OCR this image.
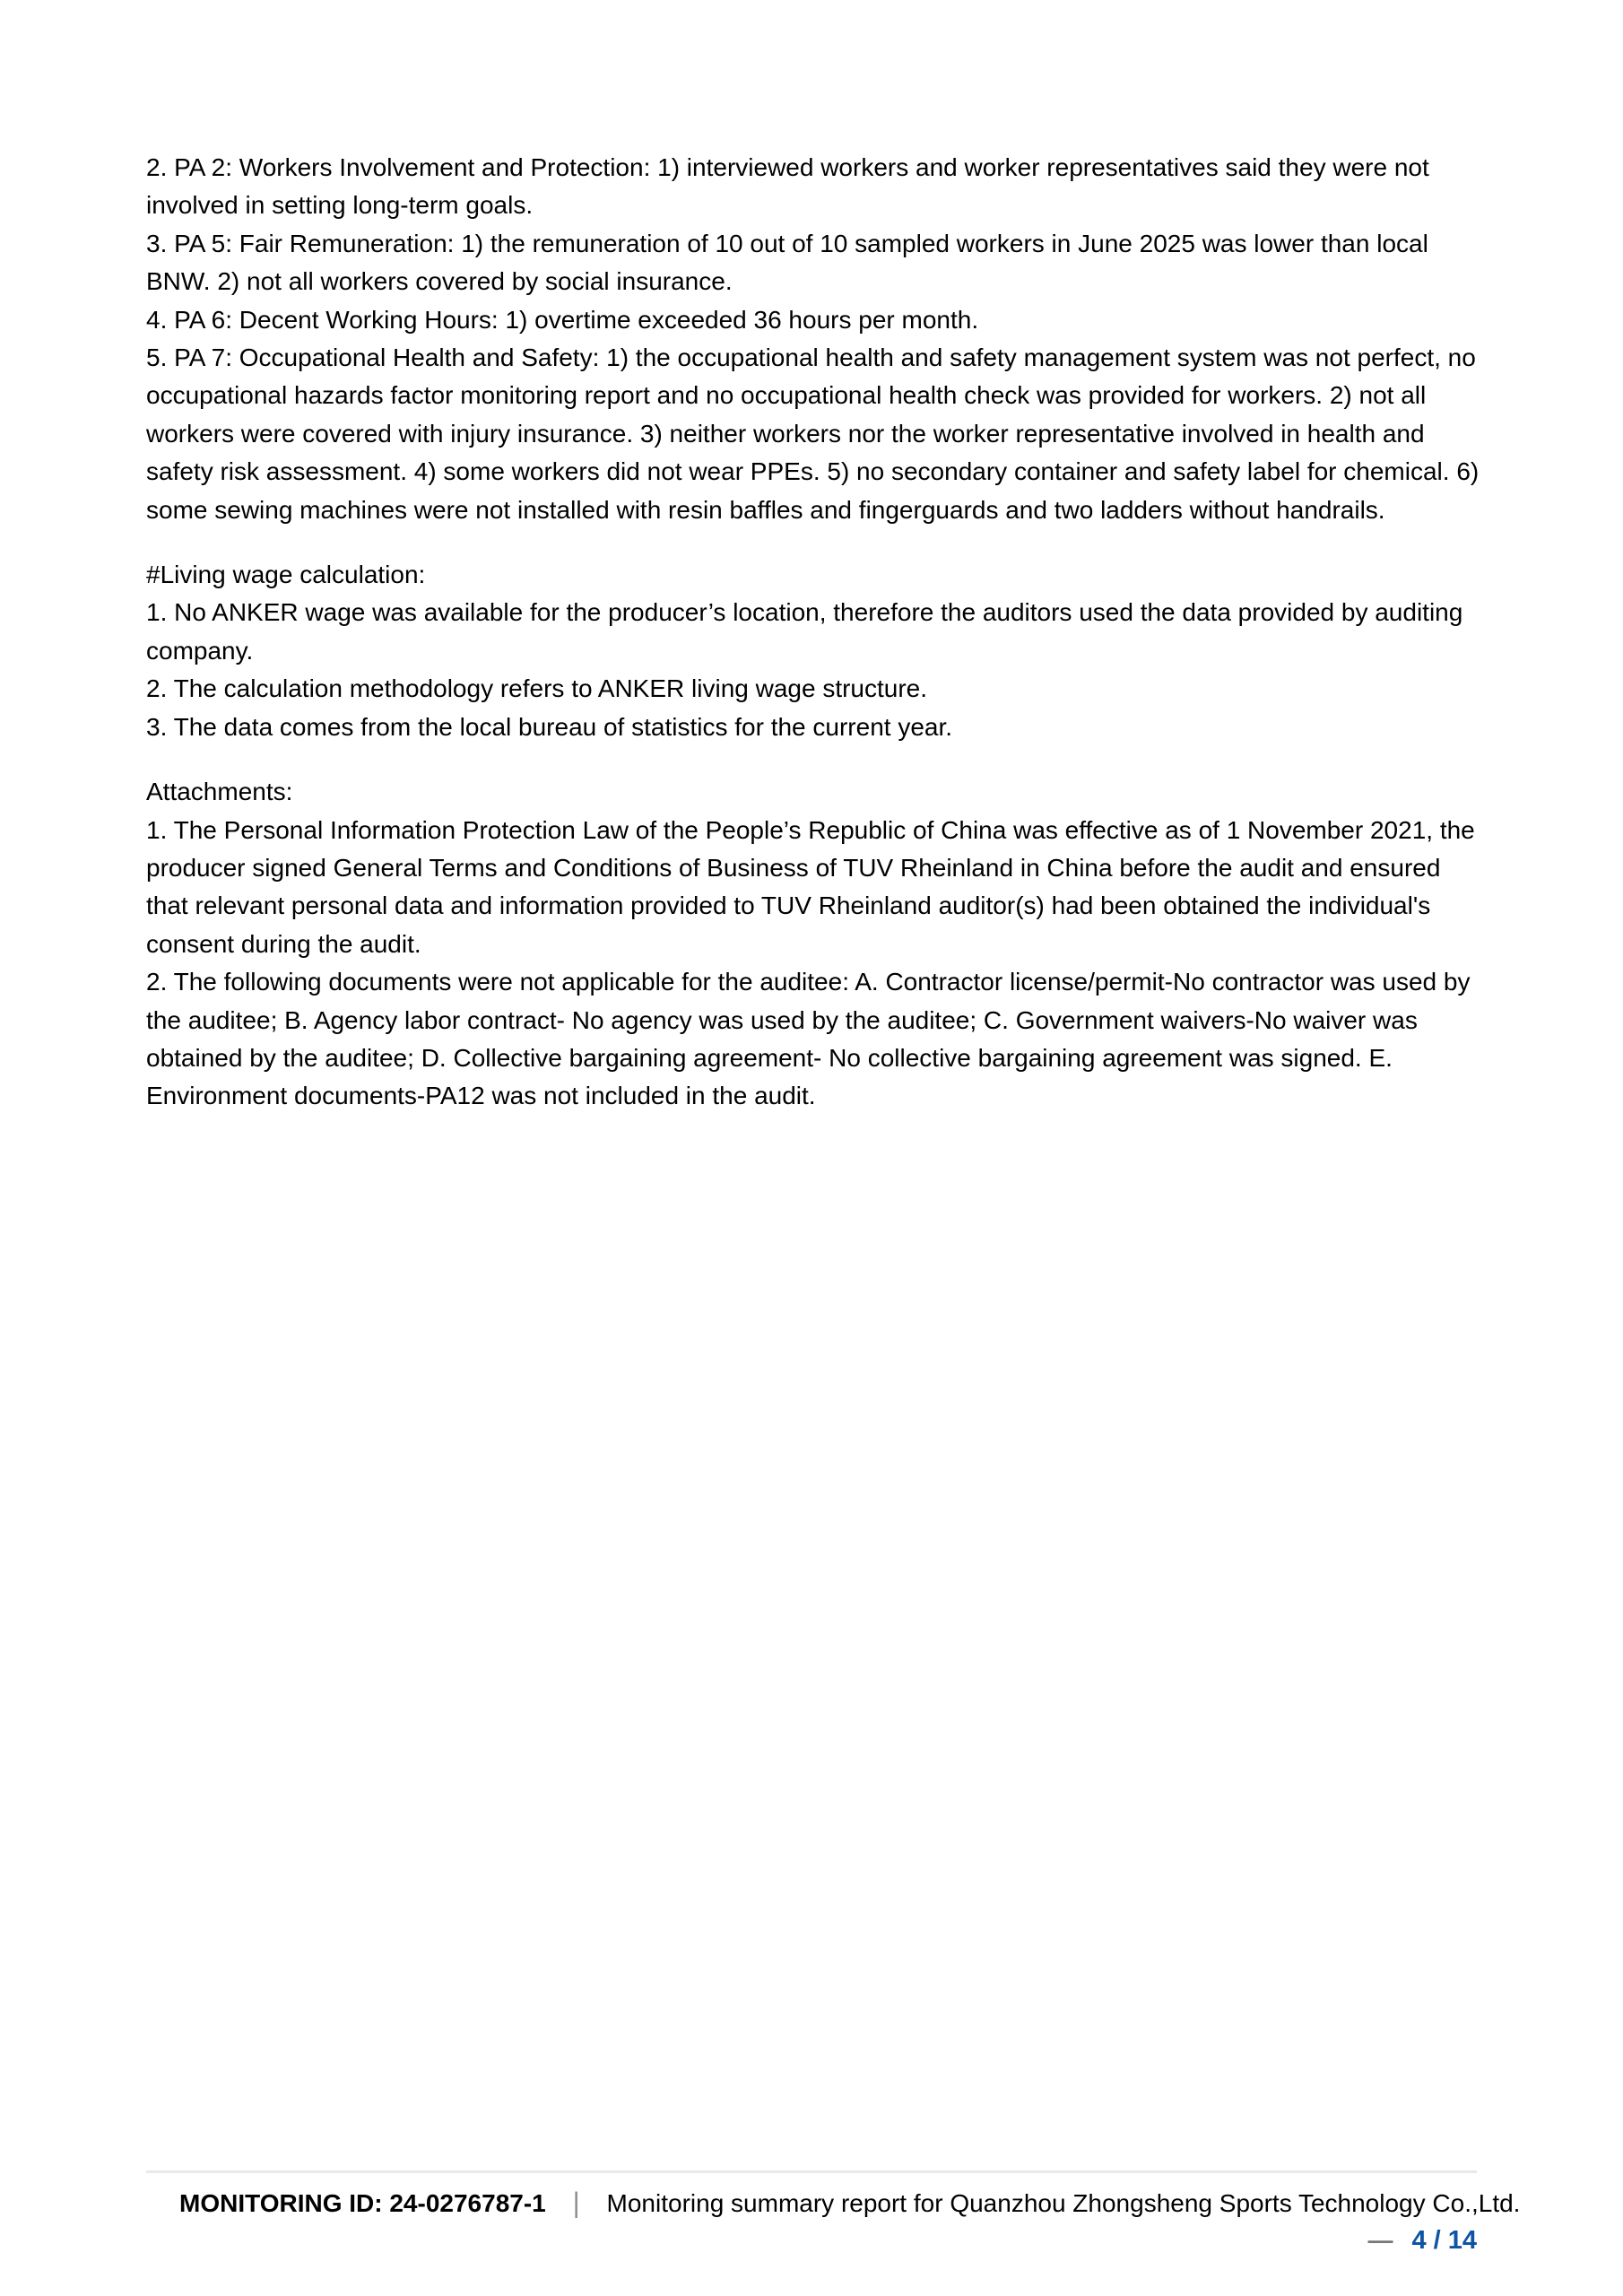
2. PA 2: Workers Involvement and Protection: 1) interviewed workers and worker representatives said they were not involved in setting long-term goals.

3. PA 5: Fair Remuneration: 1) the remuneration of 10 out of 10 sampled workers in June 2025 was lower than local BNW. 2) not all workers covered by social insurance.

4. PA 6: Decent Working Hours: 1) overtime exceeded 36 hours per month.

5. PA 7: Occupational Health and Safety: 1) the occupational health and safety management system was not perfect, no occupational hazards factor monitoring report and no occupational health check was provided for workers. 2) not all workers were covered with injury insurance. 3) neither workers nor the worker representative involved in health and safety risk assessment. 4) some workers did not wear PPEs. 5) no secondary container and safety label for chemical. 6) some sewing machines were not installed with resin baffles and fingerguards and two ladders without handrails.

#Living wage calculation:

1. No ANKER wage was available for the producer’s location, therefore the auditors used the data provided by auditing company.

2. The calculation methodology refers to ANKER living wage structure.

3. The data comes from the local bureau of statistics for the current year.

Attachments:

1. The Personal Information Protection Law of the People’s Republic of China was effective as of 1 November 2021, the producer signed General Terms and Conditions of Business of TUV Rheinland in China before the audit and ensured that relevant personal data and information provided to TUV Rheinland auditor(s) had been obtained the individual's consent during the audit.

2. The following documents were not applicable for the auditee: A. Contractor license/permit-No contractor was used by the auditee; B. Agency labor contract- No agency was used by the auditee; C. Government waivers-No waiver was obtained by the auditee; D. Collective bargaining agreement- No collective bargaining agreement was signed. E. Environment documents-PA12 was not included in the audit.

MONITORING ID: 24-0276787-1	|	Monitoring summary report for Quanzhou Zhongsheng Sports Technology Co.,Ltd.
— 4 / 14
